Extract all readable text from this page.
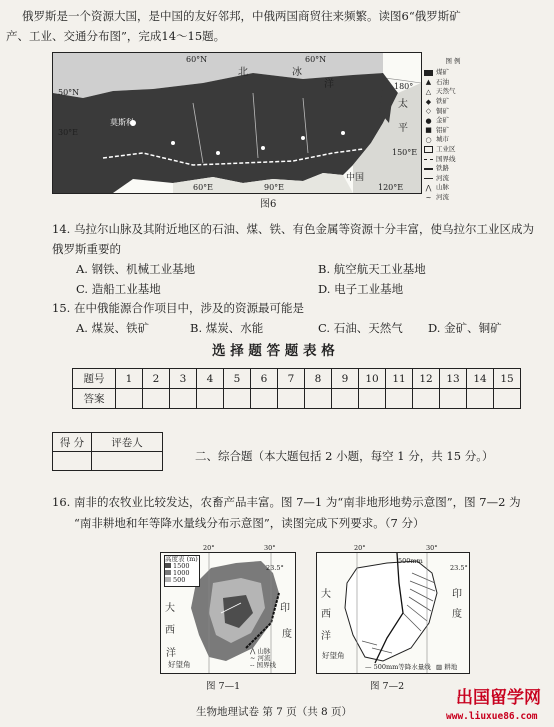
俄罗斯是一个资源大国，是中国的友好邻邦，中俄两国商贸往来频繁。读图6“俄罗斯矿
产、工业、交通分布图”，完成14～15题。
60°N	60°N
50°N
30°E
180°
150°E
60°E	90°E	120°E
北	冰
洋
太
平
莫斯科
中国
图 例
煤矿
▲ 石油
△ 天然气
◆ 铁矿
◇ 铜矿
● 金矿
■ 铝矿
○ 城市
工业区
国界线
铁路
河流
⋀ 山脉
~ 河流
图6
14. 乌拉尔山脉及其附近地区的石油、煤、铁、有色金属等资源十分丰富，使乌拉尔工业区成为
俄罗斯重要的
A. 钢铁、机械工业基地	B. 航空航天工业基地
C. 造船工业基地	D. 电子工业基地
15. 在中俄能源合作项目中，涉及的资源最可能是
A. 煤炭、铁矿	B. 煤炭、水能	C. 石油、天然气 D. 金矿、铜矿
选 择 题 答 题 表 格
题号	1	2	3	4	5	6	7	8	9	10	11	12	13	14	15
答案															
得 分	评卷人

二、综合题（本大题包括 2 小题，每空 1 分，共 15 分。）
16. 南非的农牧业比较发达，农畜产品丰富。图 7—1 为“南非地形地势示意图”，图 7—2 为
“南非耕地和年等降水量线分布示意图”，读图完成下列要求。（7 分）
20°	30°
23.5°
高度表 (m)
1500
1000
500
大
西
洋
印
度
好望角
⋀ 山脉
~ 河流
-- 国界线
图 7—1
20°	30°
23.5°
500mm
大
西
洋
印
度
好望角
— 500mm等降水量线 ▨ 耕地
图 7—2
生物地理试卷 第 7 页（共 8 页）
出国留学网
www.liuxue86.com
